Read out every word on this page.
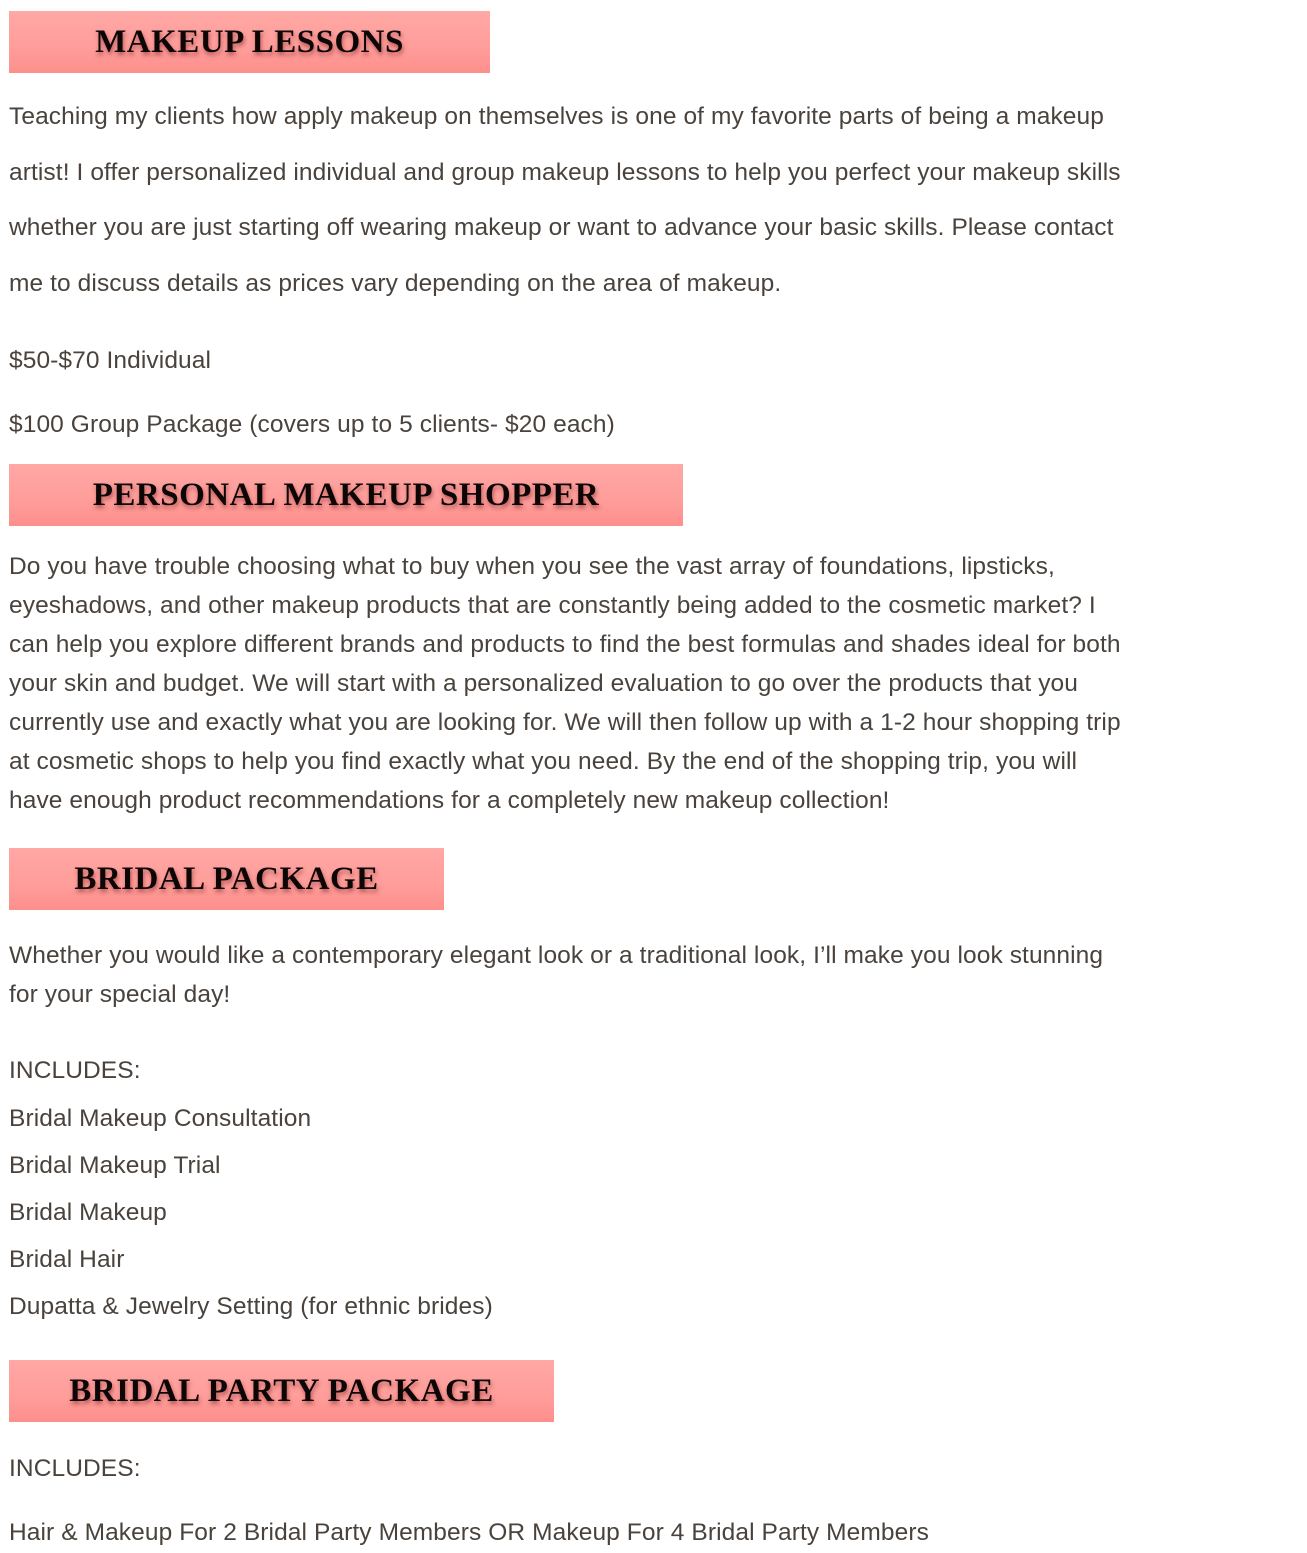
MAKEUP LESSONS
Teaching my clients how apply makeup on themselves is one of my favorite parts of being a makeup
artist! I offer personalized individual and group makeup lessons to help you perfect your makeup skills
whether you are just starting off wearing makeup or want to advance your basic skills. Please contact
me to discuss details as prices vary depending on the area of makeup.
$50-$70 Individual
$100 Group Package (covers up to 5 clients- $20 each)
PERSONAL MAKEUP SHOPPER
Do you have trouble choosing what to buy when you see the vast array of foundations, lipsticks,
eyeshadows, and other makeup products that are constantly being added to the cosmetic market? I
can help you explore different brands and products to find the best formulas and shades ideal for both
your skin and budget. We will start with a personalized evaluation to go over the products that you
currently use and exactly what you are looking for. We will then follow up with a 1-2 hour shopping trip
at cosmetic shops to help you find exactly what you need. By the end of the shopping trip, you will
have enough product recommendations for a completely new makeup collection!
BRIDAL PACKAGE
Whether you would like a contemporary elegant look or a traditional look, I’ll make you look stunning
for your special day!
INCLUDES:
Bridal Makeup Consultation
Bridal Makeup Trial
Bridal Makeup
Bridal Hair
Dupatta & Jewelry Setting (for ethnic brides)
BRIDAL PARTY PACKAGE
INCLUDES:
Hair & Makeup For 2 Bridal Party Members OR Makeup For 4 Bridal Party Members
